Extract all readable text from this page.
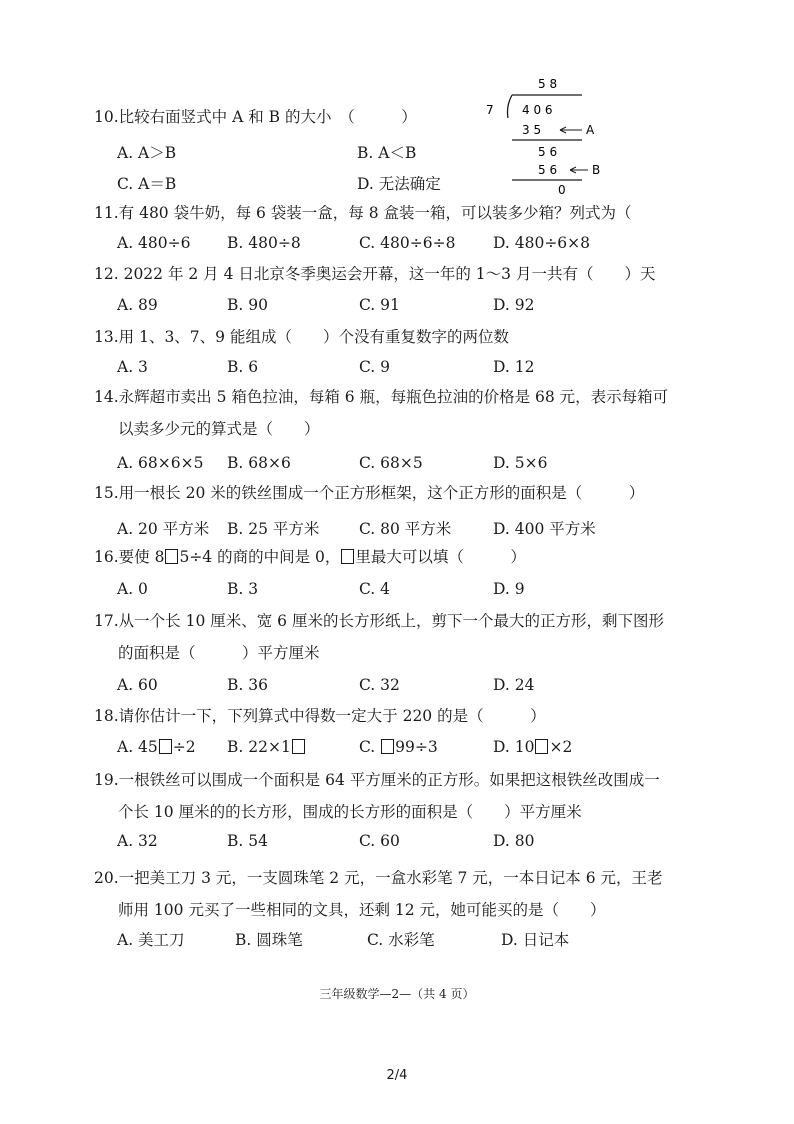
10.比较右面竖式中 A 和 B 的大小　（　　　）
A. A＞B	B. A＜B
C. A＝B	D. 无法确定
5 8
7 4 0 6
3 5	A
5 6
5 6	B
0
11.有 480 袋牛奶，每 6 袋装一盒，每 8 盒装一箱，可以装多少箱？列式为（
A. 480÷6 B. 480÷8	C. 480÷6÷8 D. 480÷6×8
12. 2022 年 2 月 4 日北京冬季奥运会开幕，这一年的 1～3 月一共有（　　）天
A. 89	B. 90	C. 91	D. 92
13.用 1、3、7、9 能组成（　　）个没有重复数字的两位数
A. 3	B. 6	C. 9	D. 12
14.永辉超市卖出 5 箱色拉油，每箱 6 瓶，每瓶色拉油的价格是 68 元，表示每箱可
以卖多少元的算式是（　　）
A. 68×6×5 B. 68×6	C. 68×5	D. 5×6
15.用一根长 20 米的铁丝围成一个正方形框架，这个正方形的面积是（　　　）
A. 20 平方米 B. 25 平方米	C. 80 平方米	D. 400 平方米
16.要使 8 5÷4 的商的中间是 0， 里最大可以填（　　　）
A. 0	B. 3	C. 4	D. 9
17.从一个长 10 厘米、宽 6 厘米的长方形纸上，剪下一个最大的正方形，剩下图形
的面积是（　　　）平方厘米
A. 60	B. 36	C. 32	D. 24
18.请你估计一下，下列算式中得数一定大于 220 的是（　　　）
A. 45 ÷2 B. 22×1	C. 99÷3	D. 10 ×2
19.一根铁丝可以围成一个面积是 64 平方厘米的正方形。如果把这根铁丝改围成一
个长 10 厘米的的长方形，围成的长方形的面积是（　　）平方厘米
A. 32	B. 54	C. 60	D. 80
20.一把美工刀 3 元，一支圆珠笔 2 元，一盒水彩笔 7 元，一本日记本 6 元，王老
师用 100 元买了一些相同的文具，还剩 12 元，她可能买的是（　　）
A. 美工刀	B. 圆珠笔	C. 水彩笔	D. 日记本
三年级数学—2—（共 4 页）
2/4
